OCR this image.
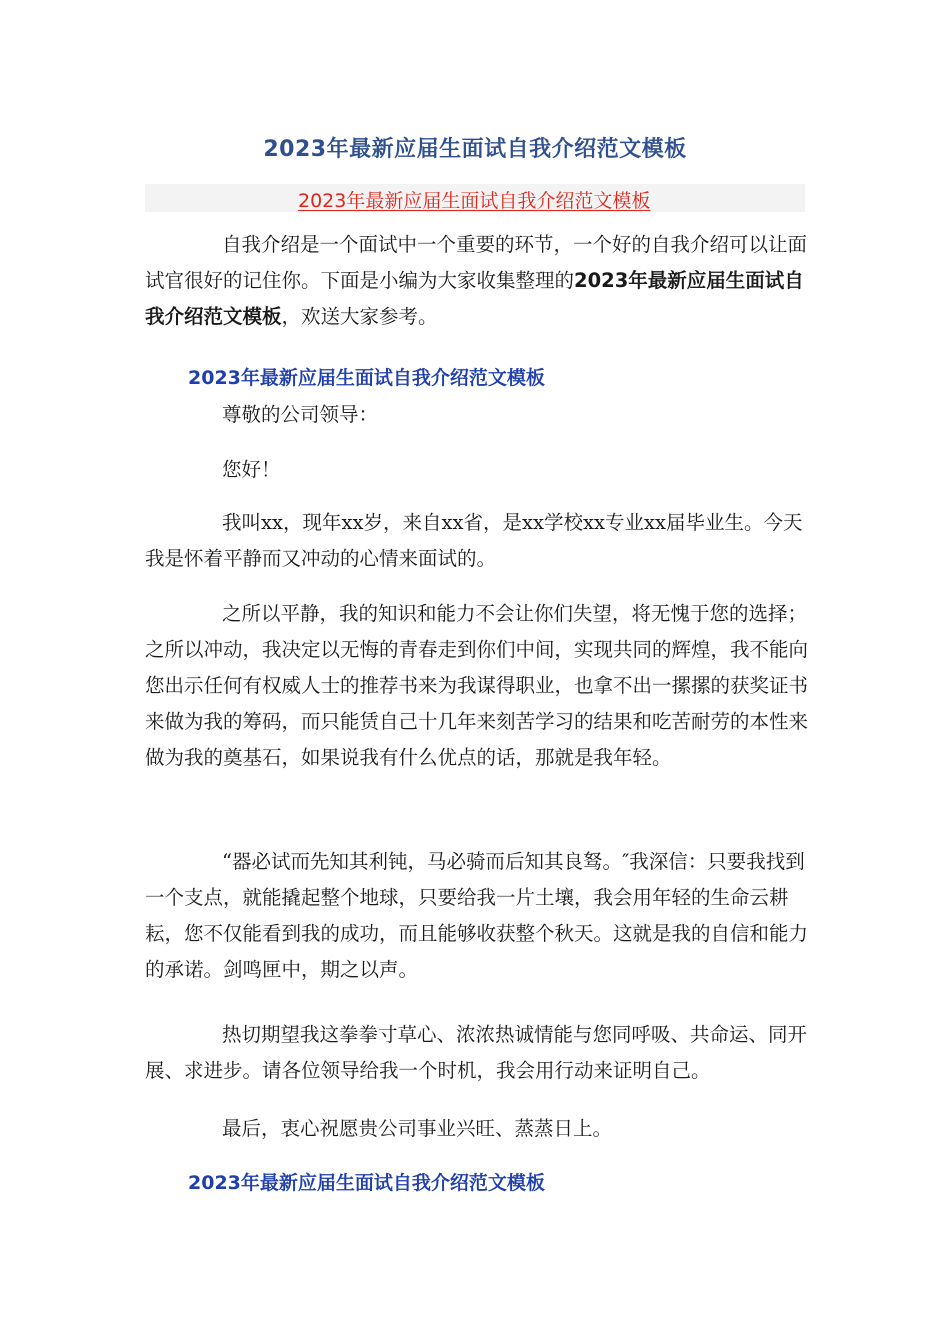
2023年最新应届生面试自我介绍范文模板
2023年最新应届生面试自我介绍范文模板
自我介绍是一个面试中一个重要的环节，一个好的自我介绍可以让面试官很好的记住你。下面是小编为大家收集整理的2023年最新应届生面试自我介绍范文模板，欢送大家参考。
2023年最新应届生面试自我介绍范文模板
尊敬的公司领导：
您好！
我叫xx，现年xx岁，来自xx省，是xx学校xx专业xx届毕业生。今天我是怀着平静而又冲动的心情来面试的。
之所以平静，我的知识和能力不会让你们失望，将无愧于您的选择；之所以冲动，我决定以无悔的青春走到你们中间，实现共同的辉煌，我不能向您出示任何有权威人士的推荐书来为我谋得职业，也拿不出一摞摞的获奖证书来做为我的筹码，而只能赁自己十几年来刻苦学习的结果和吃苦耐劳的本性来做为我的奠基石，如果说我有什么优点的话，那就是我年轻。
“器必试而先知其利钝，马必骑而后知其良驽。″我深信：只要我找到一个支点，就能撬起整个地球，只要给我一片土壤，我会用年轻的生命云耕耘，您不仅能看到我的成功，而且能够收获整个秋天。这就是我的自信和能力的承诺。剑鸣匣中，期之以声。
热切期望我这拳拳寸草心、浓浓热诚情能与您同呼吸、共命运、同开展、求进步。请各位领导给我一个时机，我会用行动来证明自己。
最后，衷心祝愿贵公司事业兴旺、蒸蒸日上。
2023年最新应届生面试自我介绍范文模板
